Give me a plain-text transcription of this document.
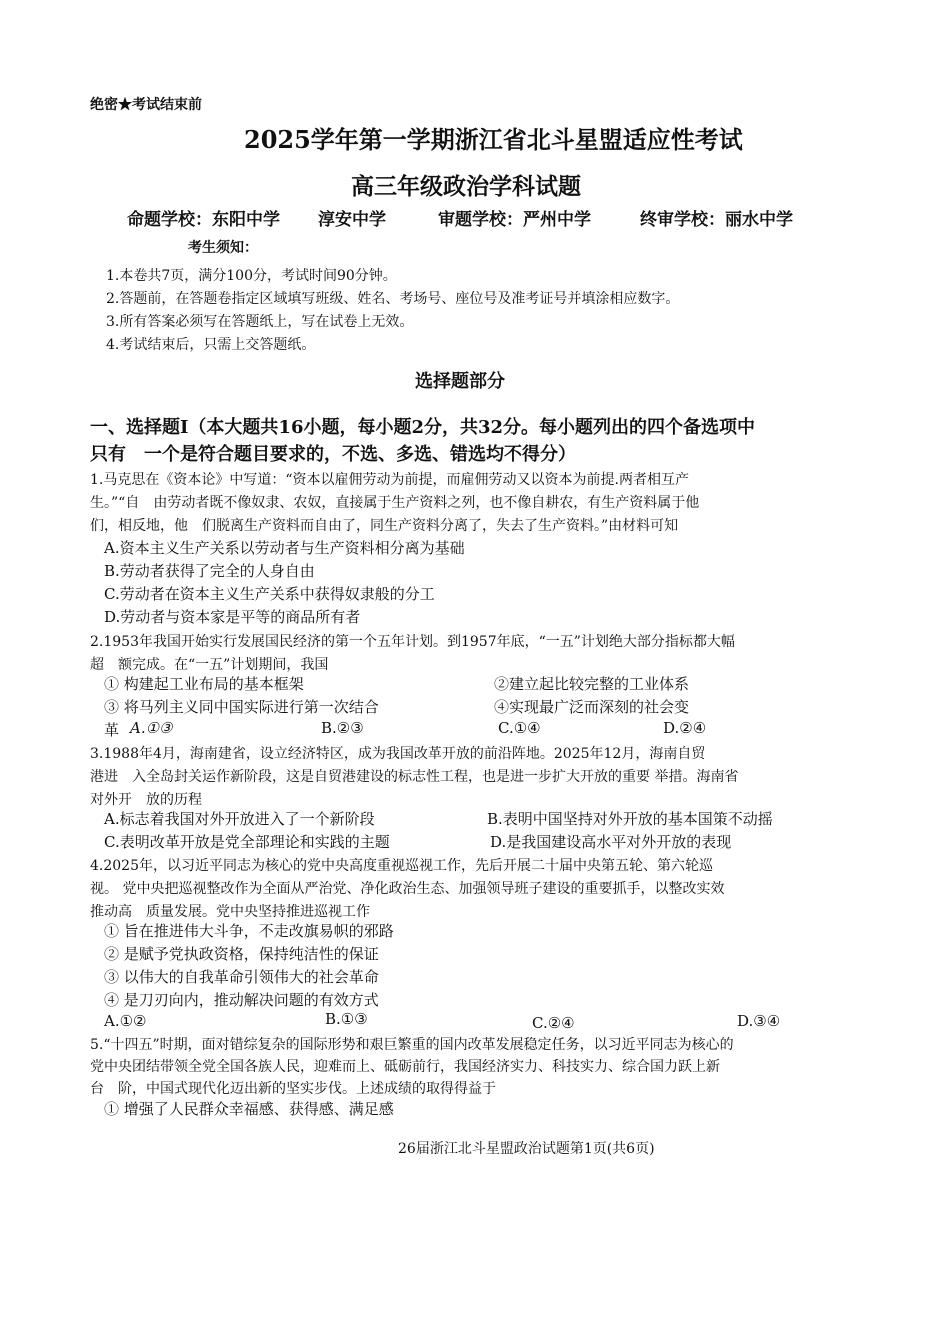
绝密★考试结束前
2025学年第一学期浙江省北斗星盟适应性考试
高三年级政治学科试题
命题学校：东阳中学 淳安中学	审题学校：严州中学	终审学校：丽水中学
考生须知：
1.本卷共7页，满分100分，考试时间90分钟。
2.答题前，在答题卷指定区域填写班级、姓名、考场号、座位号及准考证号并填涂相应数字。
3.所有答案必须写在答题纸上，写在试卷上无效。
4.考试结束后，只需上交答题纸。
选择题部分
一、选择题Ⅰ（本大题共16小题，每小题2分，共32分。每小题列出的四个备选项中
只有　一个是符合题目要求的，不选、多选、错选均不得分）
1.马克思在《资本论》中写道：“资本以雇佣劳动为前提，而雇佣劳动又以资本为前提.两者相互产
生。”“自　由劳动者既不像奴隶、农奴，直接属于生产资料之列，也不像自耕农，有生产资料属于他
们，相反地，他　们脱离生产资料而自由了，同生产资料分离了，失去了生产资料。”由材料可知
A.资本主义生产关系以劳动者与生产资料相分离为基础
B.劳动者获得了完全的人身自由
C.劳动者在资本主义生产关系中获得奴隶般的分工
D.劳动者与资本家是平等的商品所有者
2.1953年我国开始实行发展国民经济的第一个五年计划。到1957年底，“一五”计划绝大部分指标都大幅
超　额完成。在“一五”计划期间，我国
① 构建起工业布局的基本框架	②建立起比较完整的工业体系
③ 将马列主义同中国实际进行第一次结合	④实现最广泛而深刻的社会变
革 A.①③	B.②③	C.①④	D.②④
3.1988年4月，海南建省，设立经济特区，成为我国改革开放的前沿阵地。2025年12月，海南自贸
港进　入全岛封关运作新阶段，这是自贸港建设的标志性工程，也是进一步扩大开放的重要 举措。海南省
对外开　放的历程
A.标志着我国对外开放进入了一个新阶段	B.表明中国坚持对外开放的基本国策不动摇
C.表明改革开放是党全部理论和实践的主题	D.是我国建设高水平对外开放的表现
4.2025年，以习近平同志为核心的党中央高度重视巡视工作，先后开展二十届中央第五轮、第六轮巡
视。 党中央把巡视整改作为全面从严治党、净化政治生态、加强领导班子建设的重要抓手，以整改实效
推动高　质量发展。党中央坚持推进巡视工作
① 旨在推进伟大斗争，不走改旗易帜的邪路
② 是赋予党执政资格，保持纯洁性的保证
③ 以伟大的自我革命引领伟大的社会革命
④ 是刀刃向内，推动解决问题的有效方式
A.①②	B.①③	C.②④	D.③④
5.“十四五”时期，面对错综复杂的国际形势和艰巨繁重的国内改革发展稳定任务，以习近平同志为核心的
党中央团结带领全党全国各族人民，迎难而上、砥砺前行，我国经济实力、科技实力、综合国力跃上新
台　阶，中国式现代化迈出新的坚实步伐。上述成绩的取得得益于
① 增强了人民群众幸福感、获得感、满足感
26届浙江北斗星盟政治试题第1页(共6页)
